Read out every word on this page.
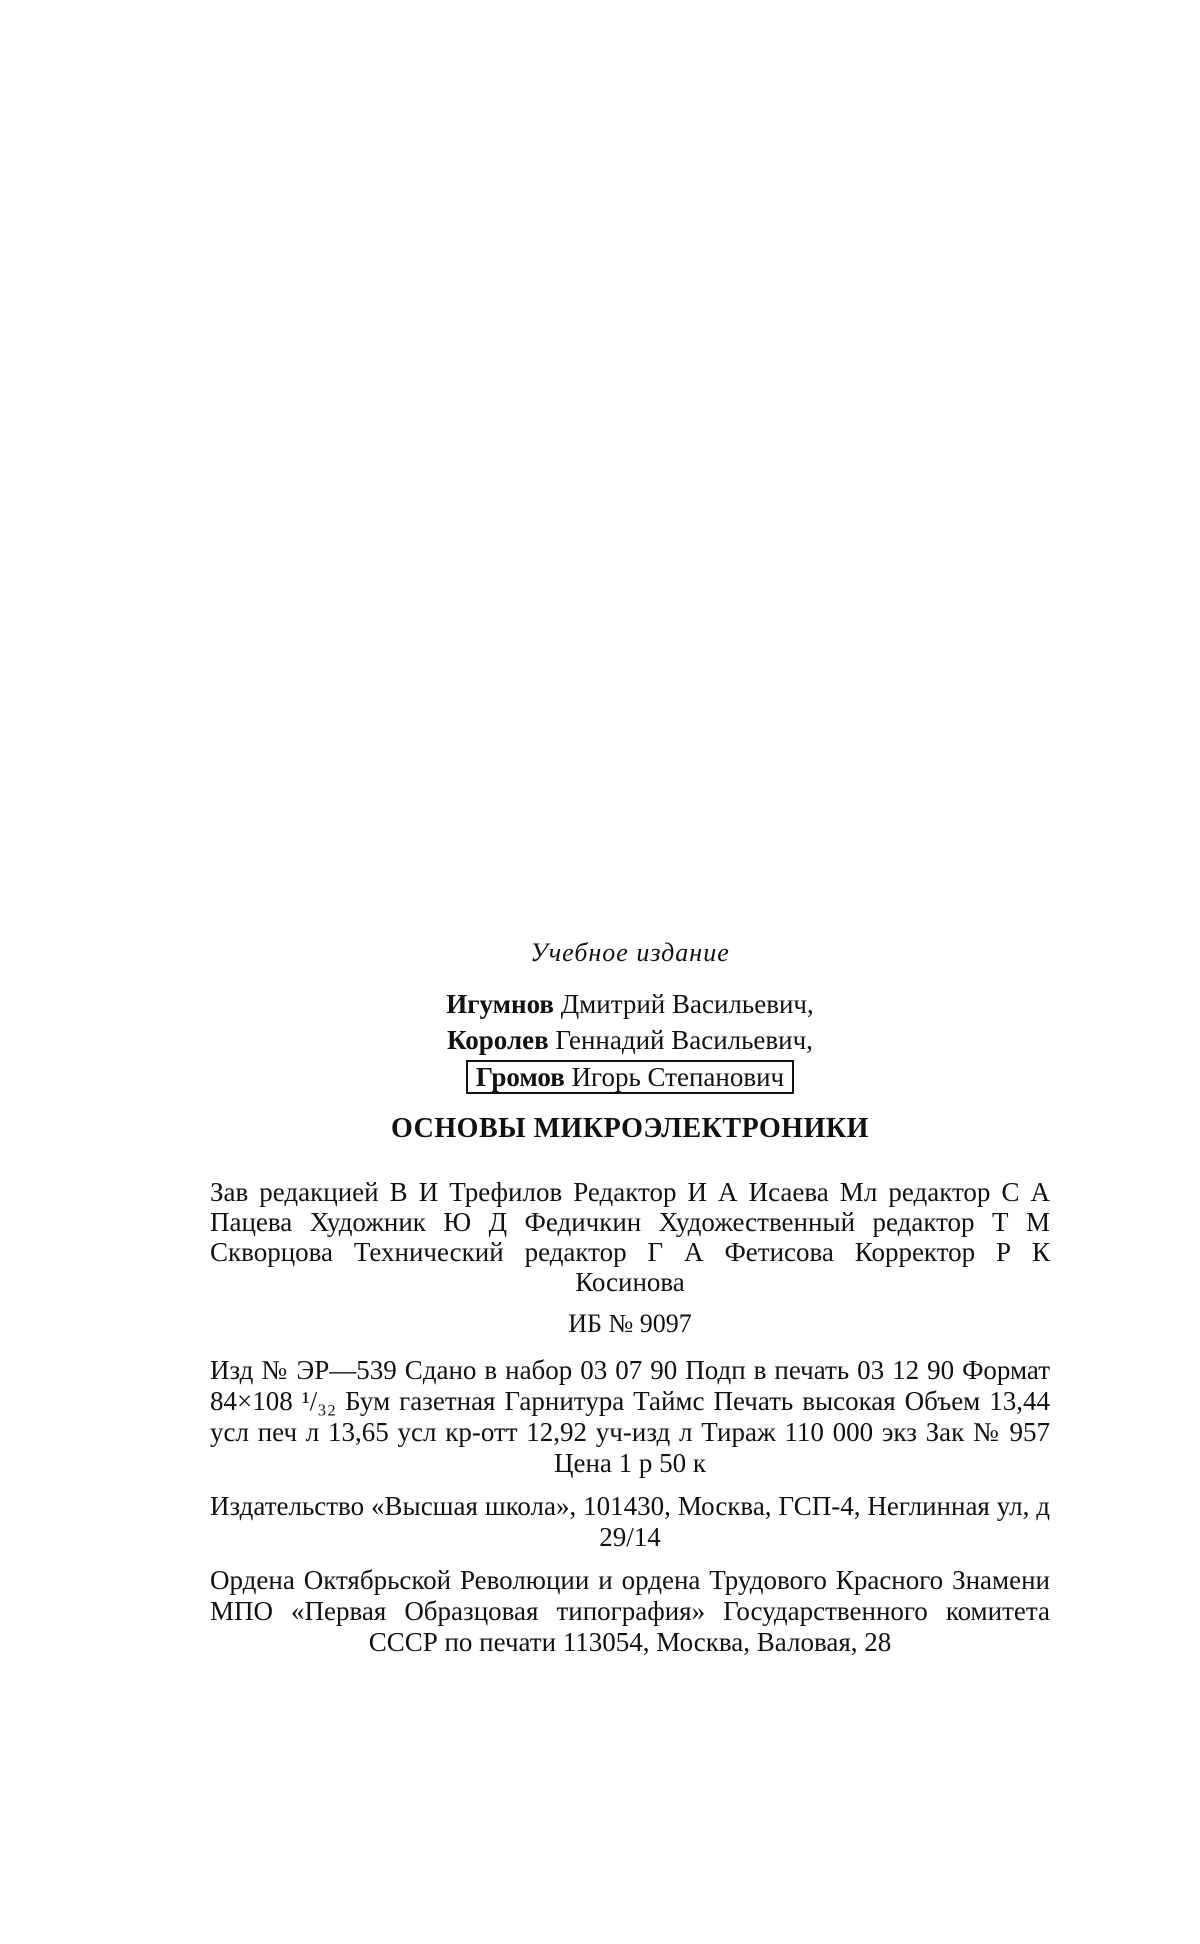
Учебное издание

Игумнов Дмитрий Васильевич,

Королев Геннадий Васильевич,

Громов Игорь Степанович

ОСНОВЫ МИКРОЭЛЕКТРОНИКИ

Зав редакцией В И Трефилов Редактор И А Исаева Мл редактор С А Пацева Художник Ю Д Федичкин Художественный редактор Т М Скворцова Технический редактор Г А Фетисова Корректор Р К Косинова

ИБ № 9097

Изд № ЭР—539 Сдано в набор 03 07 90 Подп в печать 03 12 90 Формат 84×108 ¹/₃₂ Бум газетная Гарнитура Таймс Печать высокая Объем 13,44 усл печ л 13,65 усл кр-отт 12,92 уч-изд л Тираж 110 000 экз Зак № 957 Цена 1 р 50 к

Издательство «Высшая школа», 101430, Москва, ГСП-4, Неглинная ул, д 29/14

Ордена Октябрьской Революции и ордена Трудового Красного Знамени МПО «Первая Образцовая типография» Государственного комитета СССР по печати 113054, Москва, Валовая, 28
